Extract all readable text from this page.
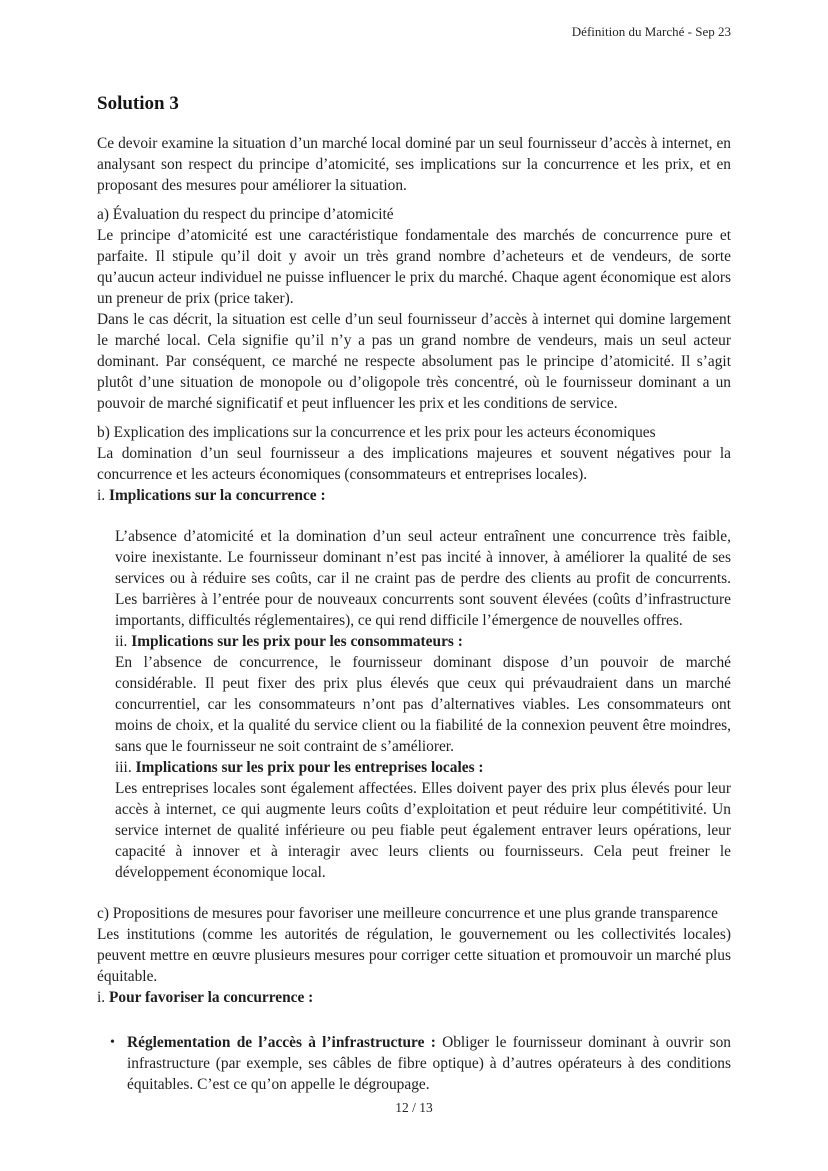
Définition du Marché - Sep 23
Solution 3

Ce devoir examine la situation d’un marché local dominé par un seul fournisseur d’accès à internet, en analysant son respect du principe d’atomicité, ses implications sur la concurrence et les prix, et en proposant des mesures pour améliorer la situation.

a) Évaluation du respect du principe d’atomicité

Le principe d’atomicité est une caractéristique fondamentale des marchés de concurrence pure et parfaite. Il stipule qu’il doit y avoir un très grand nombre d’acheteurs et de vendeurs, de sorte qu’aucun acteur individuel ne puisse influencer le prix du marché. Chaque agent économique est alors un preneur de prix (price taker).

Dans le cas décrit, la situation est celle d’un seul fournisseur d’accès à internet qui domine largement le marché local. Cela signifie qu’il n’y a pas un grand nombre de vendeurs, mais un seul acteur dominant. Par conséquent, ce marché ne respecte absolument pas le principe d’atomicité. Il s’agit plutôt d’une situation de monopole ou d’oligopole très concentré, où le fournisseur dominant a un pouvoir de marché significatif et peut influencer les prix et les conditions de service.

b) Explication des implications sur la concurrence et les prix pour les acteurs économiques

La domination d’un seul fournisseur a des implications majeures et souvent négatives pour la concurrence et les acteurs économiques (consommateurs et entreprises locales).

i. Implications sur la concurrence :

L’absence d’atomicité et la domination d’un seul acteur entraînent une concurrence très faible, voire inexistante. Le fournisseur dominant n’est pas incité à innover, à améliorer la qualité de ses services ou à réduire ses coûts, car il ne craint pas de perdre des clients au profit de concurrents. Les barrières à l’entrée pour de nouveaux concurrents sont souvent élevées (coûts d’infrastructure importants, difficultés réglementaires), ce qui rend difficile l’émergence de nouvelles offres.

ii. Implications sur les prix pour les consommateurs :

En l’absence de concurrence, le fournisseur dominant dispose d’un pouvoir de marché considérable. Il peut fixer des prix plus élevés que ceux qui prévaudraient dans un marché concurrentiel, car les consommateurs n’ont pas d’alternatives viables. Les consommateurs ont moins de choix, et la qualité du service client ou la fiabilité de la connexion peuvent être moindres, sans que le fournisseur ne soit contraint de s’améliorer.

iii. Implications sur les prix pour les entreprises locales :

Les entreprises locales sont également affectées. Elles doivent payer des prix plus élevés pour leur accès à internet, ce qui augmente leurs coûts d’exploitation et peut réduire leur compétitivité. Un service internet de qualité inférieure ou peu fiable peut également entraver leurs opérations, leur capacité à innover et à interagir avec leurs clients ou fournisseurs. Cela peut freiner le développement économique local.

c) Propositions de mesures pour favoriser une meilleure concurrence et une plus grande transparence

Les institutions (comme les autorités de régulation, le gouvernement ou les collectivités locales) peuvent mettre en œuvre plusieurs mesures pour corriger cette situation et promouvoir un marché plus équitable.

i. Pour favoriser la concurrence :

• Réglementation de l’accès à l’infrastructure : Obliger le fournisseur dominant à ouvrir son infrastructure (par exemple, ses câbles de fibre optique) à d’autres opérateurs à des conditions équitables. C’est ce qu’on appelle le dégroupage.
12 / 13
